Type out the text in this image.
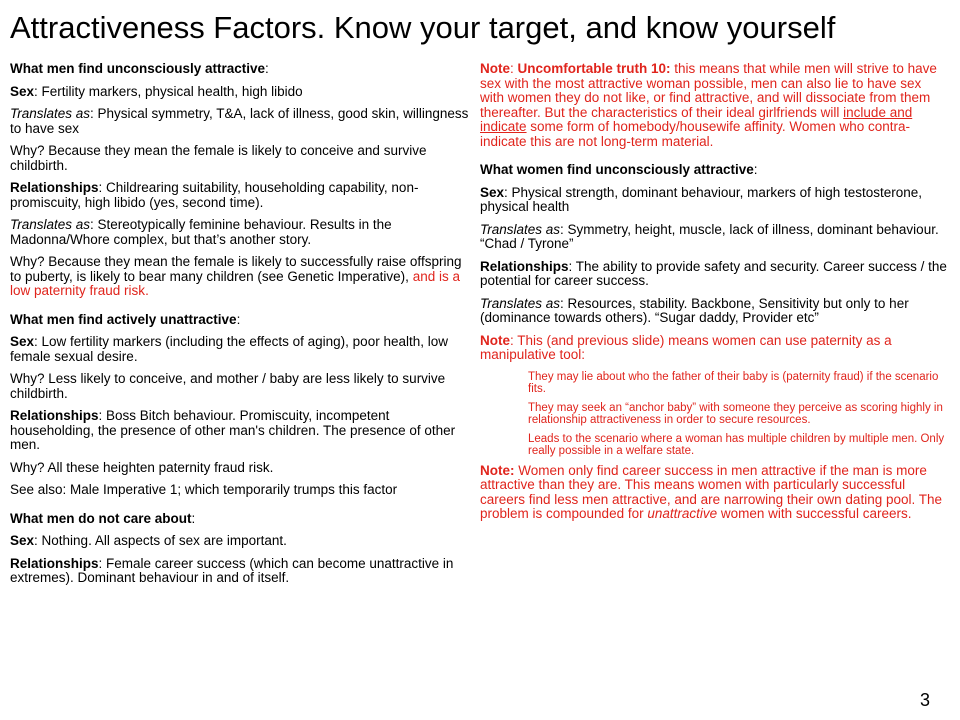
Attractiveness Factors. Know your target, and know yourself

What men find unconsciously attractive:

Sex: Fertility markers, physical health, high libido

Translates as: Physical symmetry, T&A, lack of illness, good skin, willingness to have sex

Why? Because they mean the female is likely to conceive and survive childbirth.

Relationships: Childrearing suitability, householding capability, non-promiscuity, high libido (yes, second time).

Translates as: Stereotypically feminine behaviour. Results in the Madonna/Whore complex, but that’s another story.

Why? Because they mean the female is likely to successfully raise offspring to puberty, is likely to bear many children (see Genetic Imperative), and is a low paternity fraud risk.

What men find actively unattractive:

Sex: Low fertility markers (including the effects of aging), poor health, low female sexual desire.

Why? Less likely to conceive, and mother / baby are less likely to survive childbirth.

Relationships: Boss Bitch behaviour. Promiscuity, incompetent householding, the presence of other man's children. The presence of other men.

Why? All these heighten paternity fraud risk.

See also: Male Imperative 1; which temporarily trumps this factor

What men do not care about:

Sex: Nothing. All aspects of sex are important.

Relationships: Female career success (which can become unattractive in extremes). Dominant behaviour in and of itself.

Note: Uncomfortable truth 10: this means that while men will strive to have sex with the most attractive woman possible, men can also lie to have sex with women they do not like, or find attractive, and will dissociate from them thereafter. But the characteristics of their ideal girlfriends will include and indicate some form of homebody/housewife affinity. Women who contra-indicate this are not long-term material.

What women find unconsciously attractive:

Sex: Physical strength, dominant behaviour, markers of high testosterone, physical health

Translates as: Symmetry, height, muscle, lack of illness, dominant behaviour. “Chad / Tyrone”

Relationships: The ability to provide safety and security. Career success / the potential for career success.

Translates as: Resources, stability. Backbone, Sensitivity but only to her (dominance towards others). “Sugar daddy, Provider etc”

Note: This (and previous slide) means women can use paternity as a manipulative tool:

They may lie about who the father of their baby is (paternity fraud) if the scenario fits.

They may seek an “anchor baby” with someone they perceive as scoring highly in relationship attractiveness in order to secure resources.

Leads to the scenario where a woman has multiple children by multiple men. Only really possible in a welfare state.

Note: Women only find career success in men attractive if the man is more attractive than they are. This means women with particularly successful careers find less men attractive, and are narrowing their own dating pool. The problem is compounded for unattractive women with successful careers.

3
